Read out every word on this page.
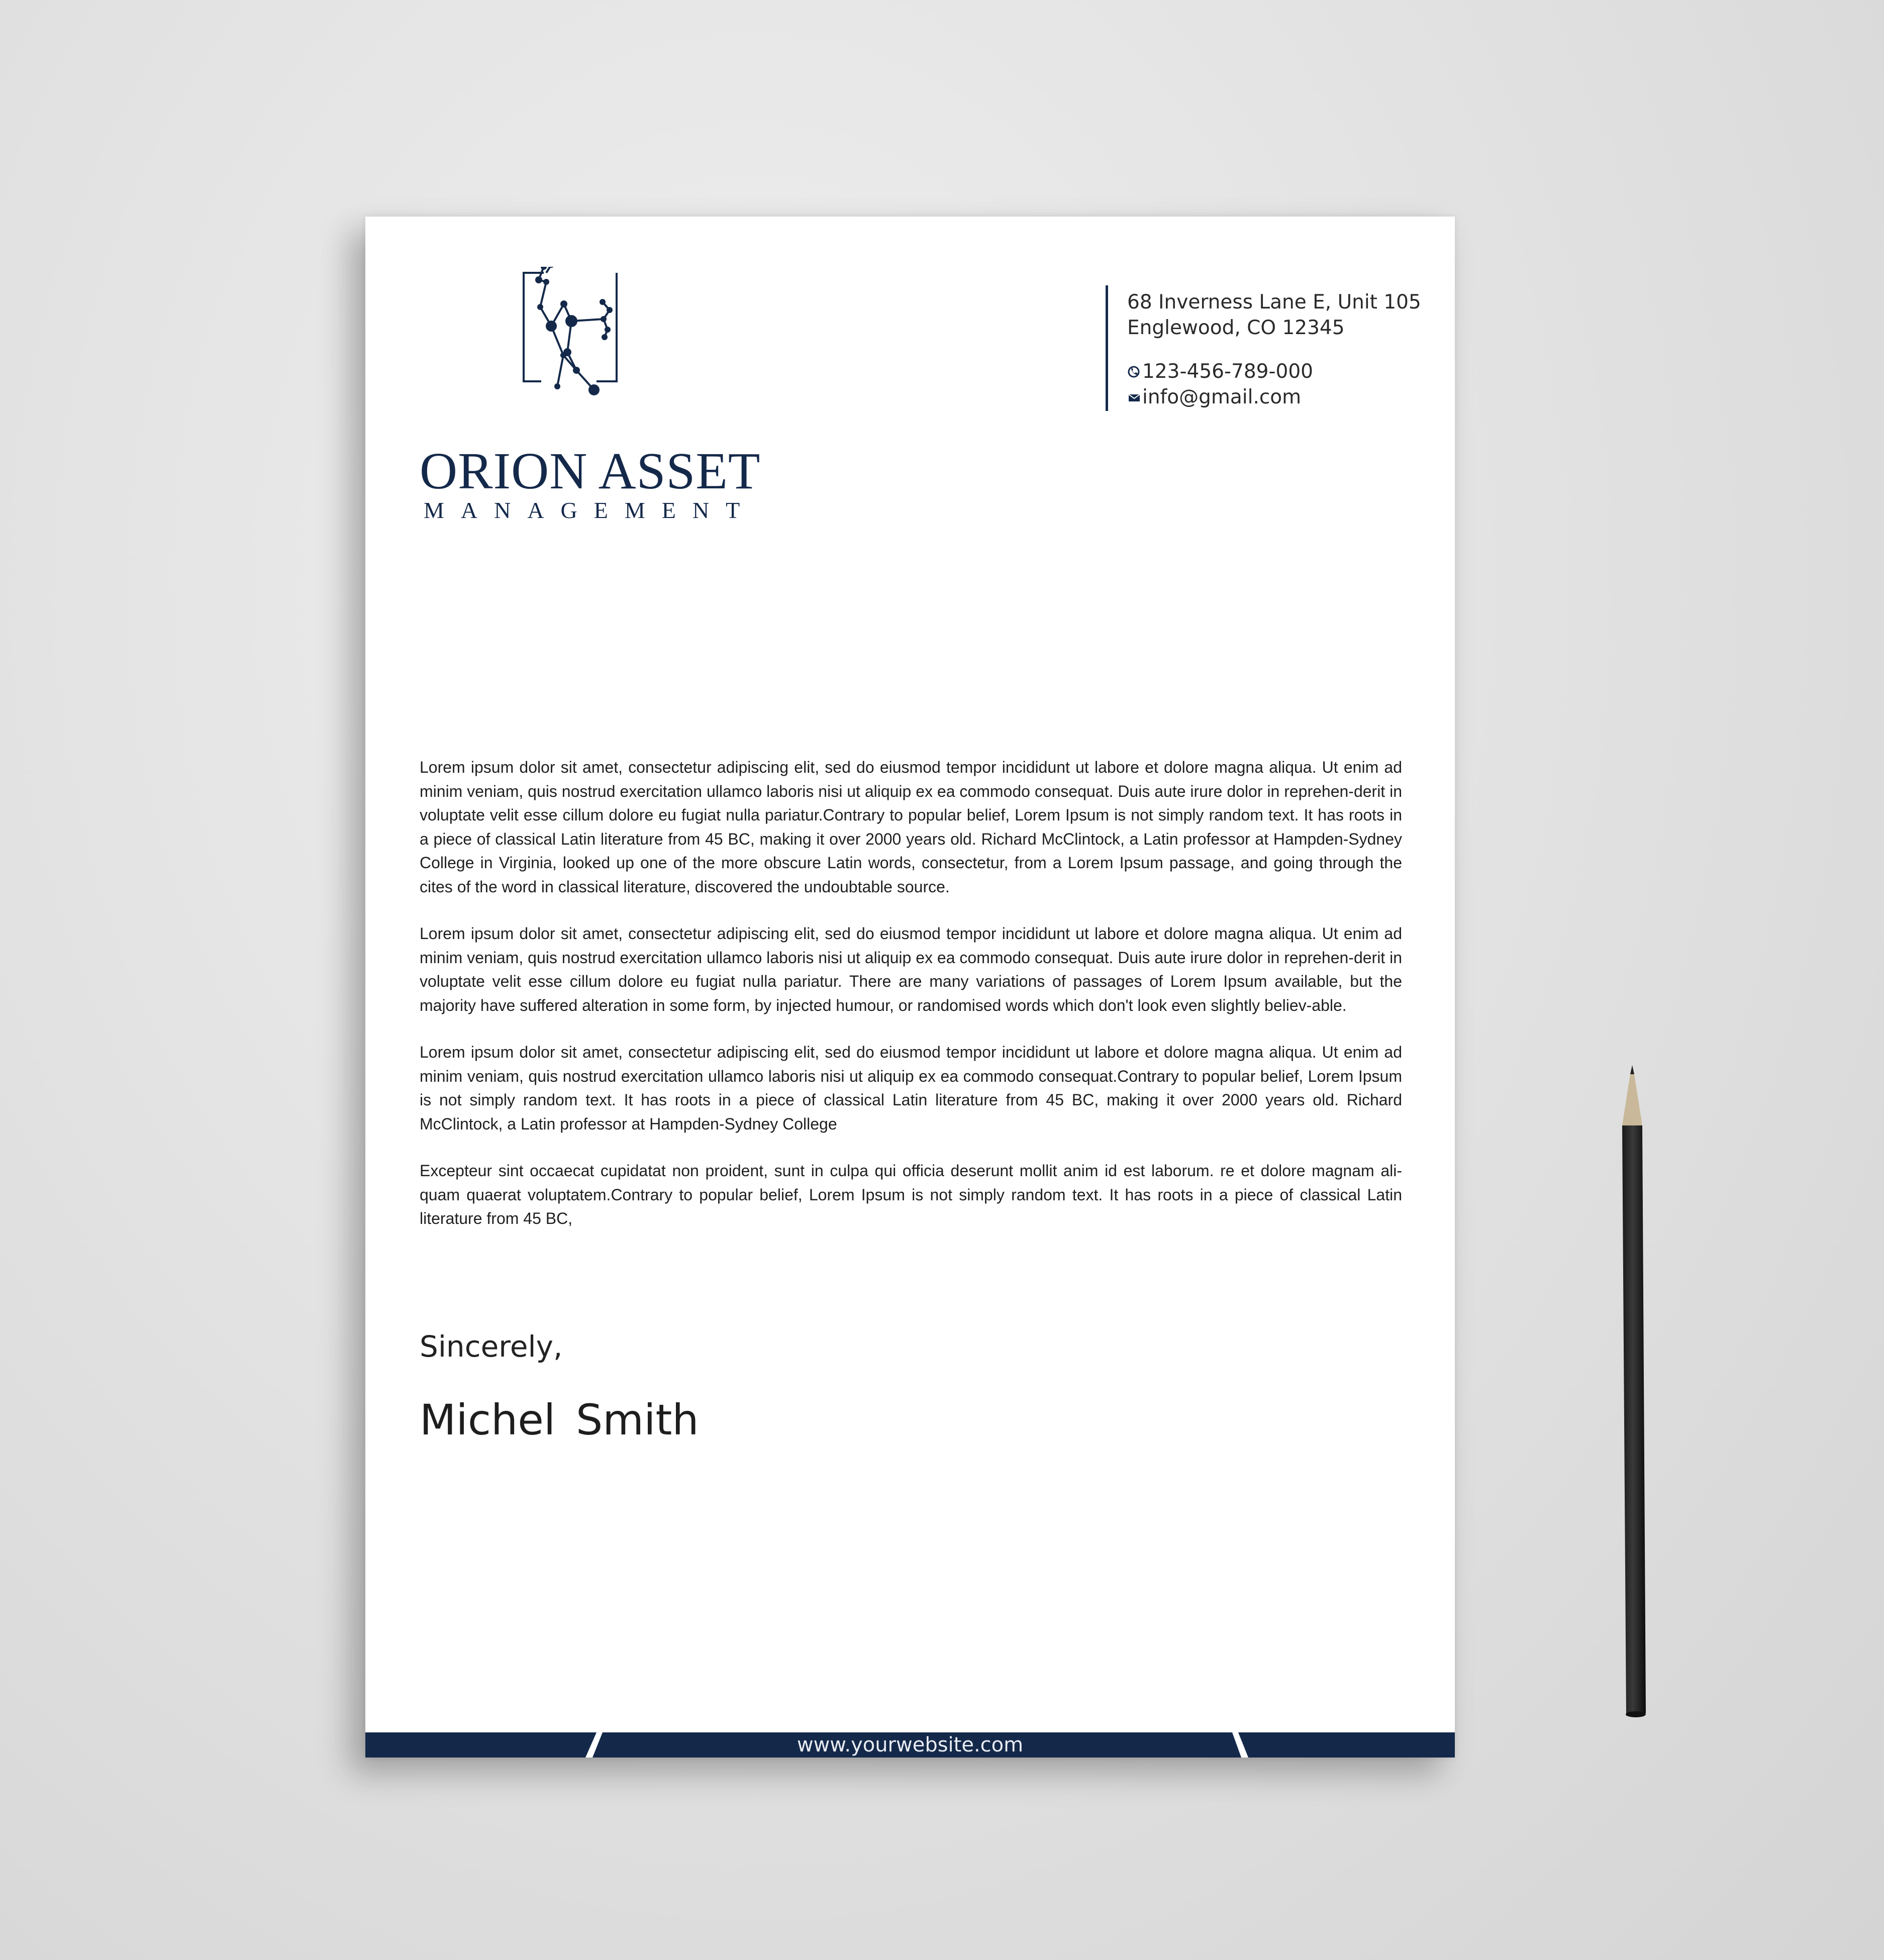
ORION ASSET
MANAGEMENT
68 Inverness Lane E, Unit 105
Englewood, CO 12345
123-456-789-000
info@gmail.com

Lorem ipsum dolor sit amet, consectetur adipiscing elit, sed do eiusmod tempor incididunt ut labore et dolore magna aliqua. Ut enim ad minim veniam, quis nostrud exercitation ullamco laboris nisi ut aliquip ex ea commodo consequat. Duis aute irure dolor in reprehen-derit in voluptate velit esse cillum dolore eu fugiat nulla pariatur.Contrary to popular belief, Lorem Ipsum is not simply random text. It has roots in a piece of classical Latin literature from 45 BC, making it over 2000 years old. Richard McClintock, a Latin professor at Hampden-Sydney College in Virginia, looked up one of the more obscure Latin words, consectetur, from a Lorem Ipsum passage, and going through the cites of the word in classical literature, discovered the undoubtable source.

Lorem ipsum dolor sit amet, consectetur adipiscing elit, sed do eiusmod tempor incididunt ut labore et dolore magna aliqua. Ut enim ad minim veniam, quis nostrud exercitation ullamco laboris nisi ut aliquip ex ea commodo consequat. Duis aute irure dolor in reprehen-derit in voluptate velit esse cillum dolore eu fugiat nulla pariatur. There are many variations of passages of Lorem Ipsum available, but the majority have suffered alteration in some form, by injected humour, or randomised words which don't look even slightly believ-able.

Lorem ipsum dolor sit amet, consectetur adipiscing elit, sed do eiusmod tempor incididunt ut labore et dolore magna aliqua. Ut enim ad minim veniam, quis nostrud exercitation ullamco laboris nisi ut aliquip ex ea commodo consequat.Contrary to popular belief, Lorem Ipsum is not simply random text. It has roots in a piece of classical Latin literature from 45 BC, making it over 2000 years old. Richard McClintock, a Latin professor at Hampden-Sydney College

Excepteur sint occaecat cupidatat non proident, sunt in culpa qui officia deserunt mollit anim id est laborum. re et dolore magnam ali-quam quaerat voluptatem.Contrary to popular belief, Lorem Ipsum is not simply random text. It has roots in a piece of classical Latin literature from 45 BC,

Sincerely,
Michel Smith
www.yourwebsite.com
